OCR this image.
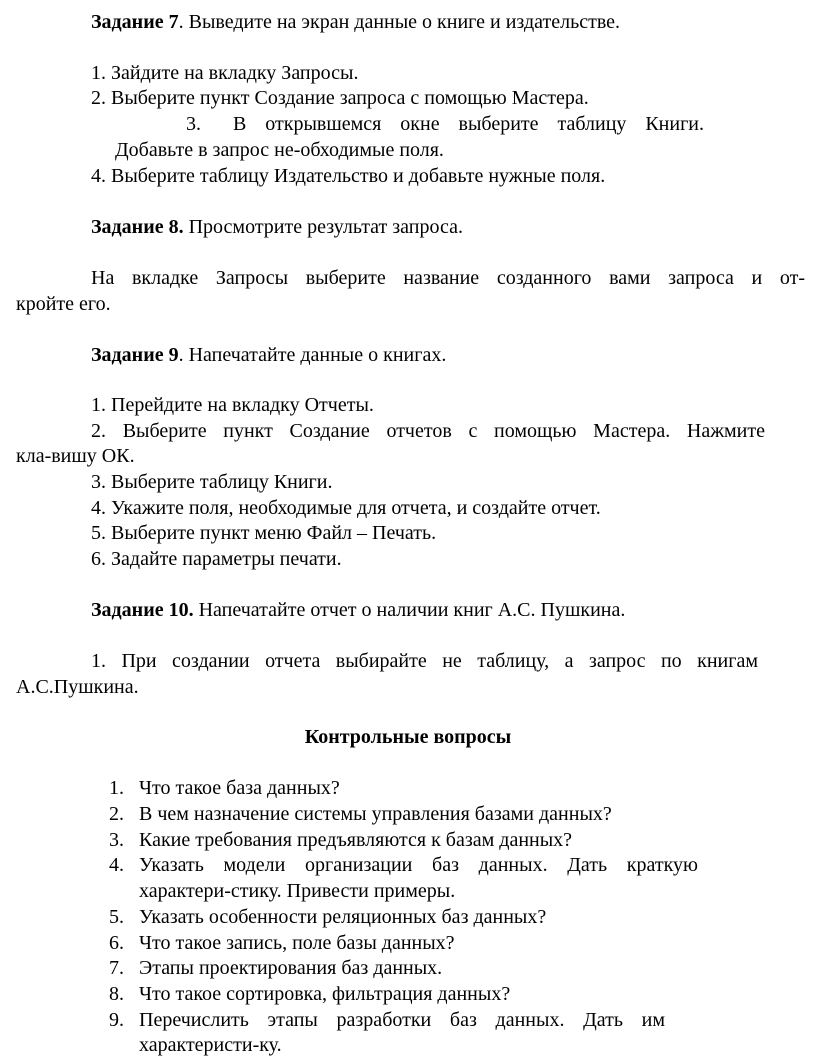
Задание 7. Выведите на экран данные о книге и издательстве.
1. Зайдите на вкладку Запросы.
2. Выберите пункт Создание запроса с помощью Мастера.
3. В открывшемся окне выберите таблицу Книги.
Добавьте в запрос не-обходимые поля.
4. Выберите таблицу Издательство и добавьте нужные поля.
Задание 8. Просмотрите результат запроса.
На вкладке Запросы выберите название созданного вами запроса и от-
кройте его.
Задание 9. Напечатайте данные о книгах.
1. Перейдите на вкладку Отчеты.
2. Выберите пункт Создание отчетов с помощью Мастера. Нажмите
кла-вишу ОК.
3. Выберите таблицу Книги.
4. Укажите поля, необходимые для отчета, и создайте отчет.
5. Выберите пункт меню Файл – Печать.
6. Задайте параметры печати.
Задание 10. Напечатайте отчет о наличии книг А.С. Пушкина.
1. При создании отчета выбирайте не таблицу, а запрос по книгам
А.С.Пушкина.
Контрольные вопросы
1. Что такое база данных?
2. В чем назначение системы управления базами данных?
3. Какие требования предъявляются к базам данных?
4. Указать модели организации баз данных. Дать краткую
характери-стику. Привести примеры.
5. Указать особенности реляционных баз данных?
6. Что такое запись, поле базы данных?
7. Этапы проектирования баз данных.
8. Что такое сортировка, фильтрация данных?
9. Перечислить этапы разработки баз данных. Дать им
характеристи-ку.
